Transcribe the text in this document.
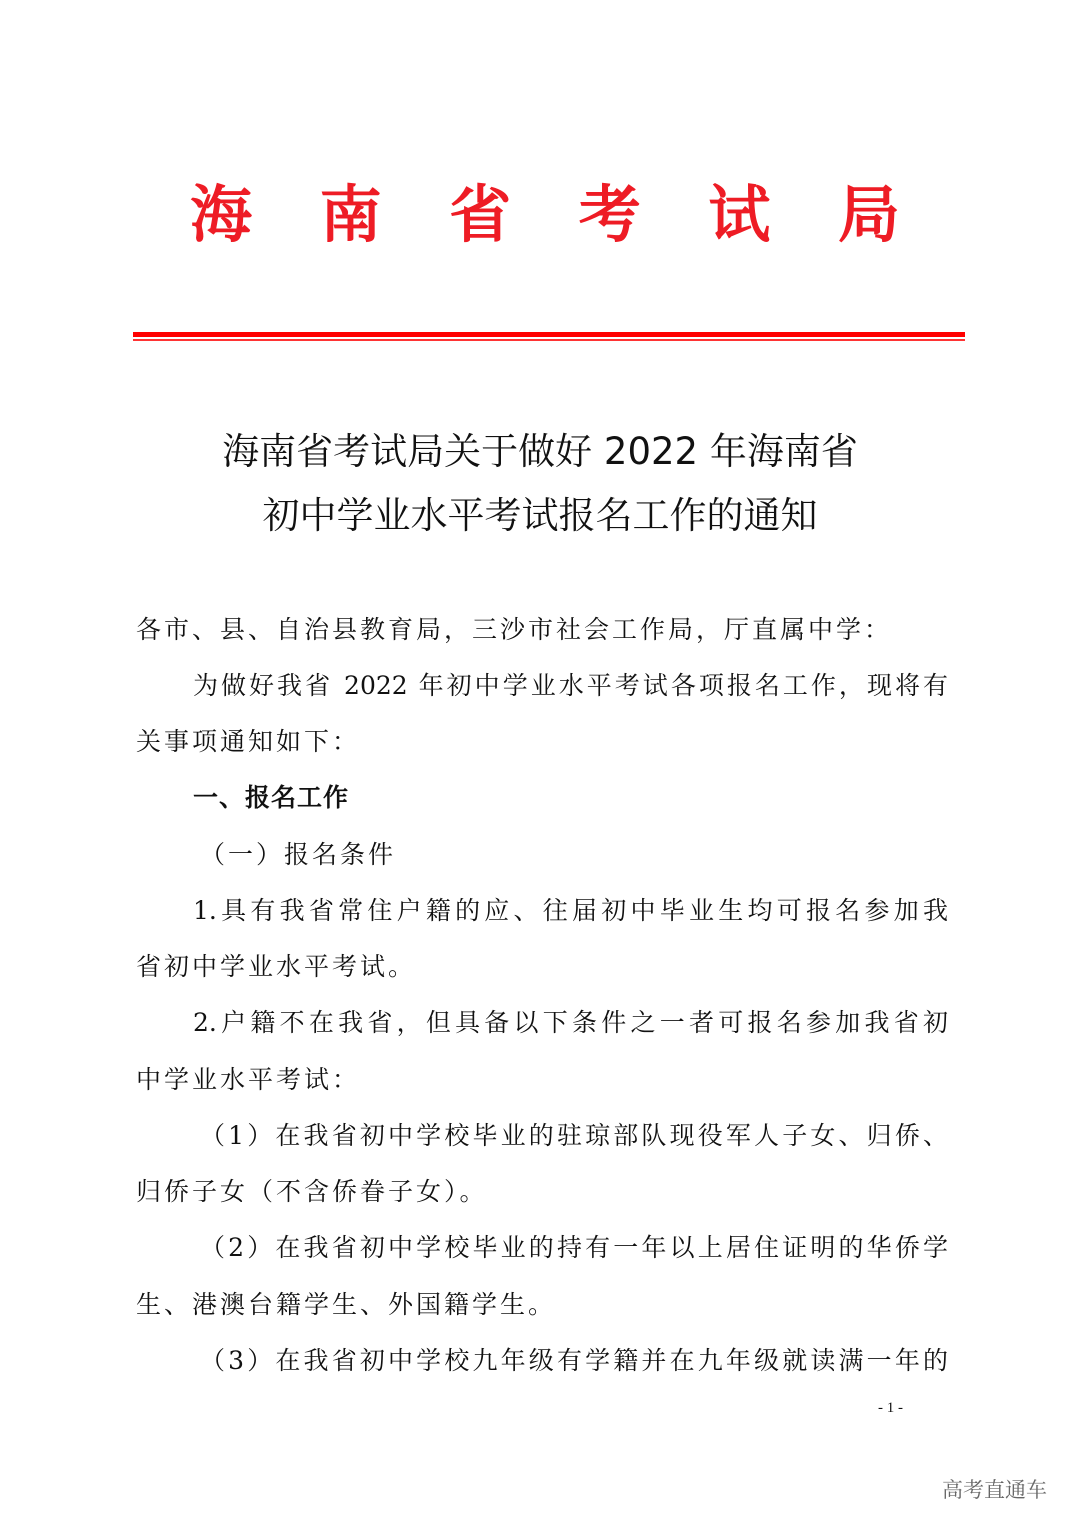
海 南 省 考 试 局
海南省考试局关于做好 2022 年海南省
初中学业水平考试报名工作的通知
各市、县、自治县教育局，三沙市社会工作局，厅直属中学：
为做好我省 2022 年初中学业水平考试各项报名工作，现将有
关事项通知如下：
一、报名工作
（一）报名条件
1.具有我省常住户籍的应、往届初中毕业生均可报名参加我
省初中学业水平考试。
2.户籍不在我省，但具备以下条件之一者可报名参加我省初
中学业水平考试：
（1）在我省初中学校毕业的驻琼部队现役军人子女、归侨、
归侨子女（不含侨眷子女）。
（2）在我省初中学校毕业的持有一年以上居住证明的华侨学
生、港澳台籍学生、外国籍学生。
（3）在我省初中学校九年级有学籍并在九年级就读满一年的
- 1 -
高考直通车
